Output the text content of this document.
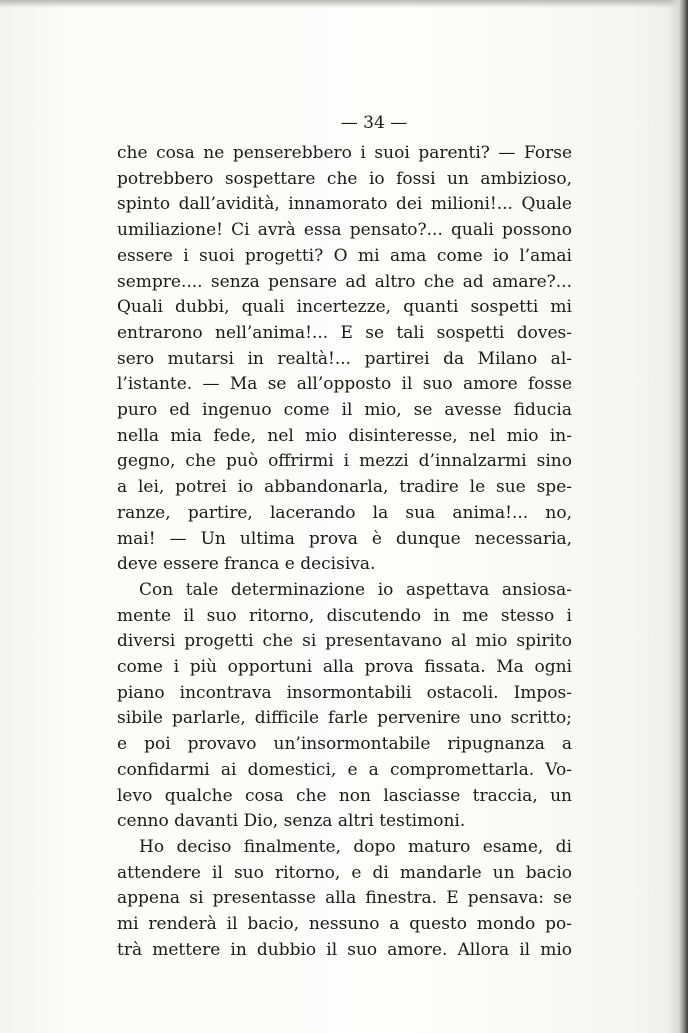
— 34 —
che cosa ne penserebbero i suoi parenti? — Forse
potrebbero sospettare che io fossi un ambizioso,
spinto dall’avidità, innamorato dei milioni!... Quale
umiliazione! Ci avrà essa pensato?... quali possono
essere i suoi progetti? O mi ama come io l’amai
sempre.... senza pensare ad altro che ad amare?...
Quali dubbi, quali incertezze, quanti sospetti mi
entrarono nell’anima!... E se tali sospetti doves-
sero mutarsi in realtà!... partirei da Milano al-
l’istante. — Ma se all’opposto il suo amore fosse
puro ed ingenuo come il mio, se avesse fiducia
nella mia fede, nel mio disinteresse, nel mio in-
gegno, che può offrirmi i mezzi d’innalzarmi sino
a lei, potrei io abbandonarla, tradire le sue spe-
ranze, partire, lacerando la sua anima!... no,
mai! — Un ultima prova è dunque necessaria,
deve essere franca e decisiva.
Con tale determinazione io aspettava ansiosa-
mente il suo ritorno, discutendo in me stesso i
diversi progetti che si presentavano al mio spirito
come i più opportuni alla prova fissata. Ma ogni
piano incontrava insormontabili ostacoli. Impos-
sibile parlarle, difficile farle pervenire uno scritto;
e poi provavo un’insormontabile ripugnanza a
confidarmi ai domestici, e a compromettarla. Vo-
levo qualche cosa che non lasciasse traccia, un
cenno davanti Dio, senza altri testimoni.
Ho deciso finalmente, dopo maturo esame, di
attendere il suo ritorno, e di mandarle un bacio
appena si presentasse alla finestra. E pensava: se
mi renderà il bacio, nessuno a questo mondo po-
trà mettere in dubbio il suo amore. Allora il mio
